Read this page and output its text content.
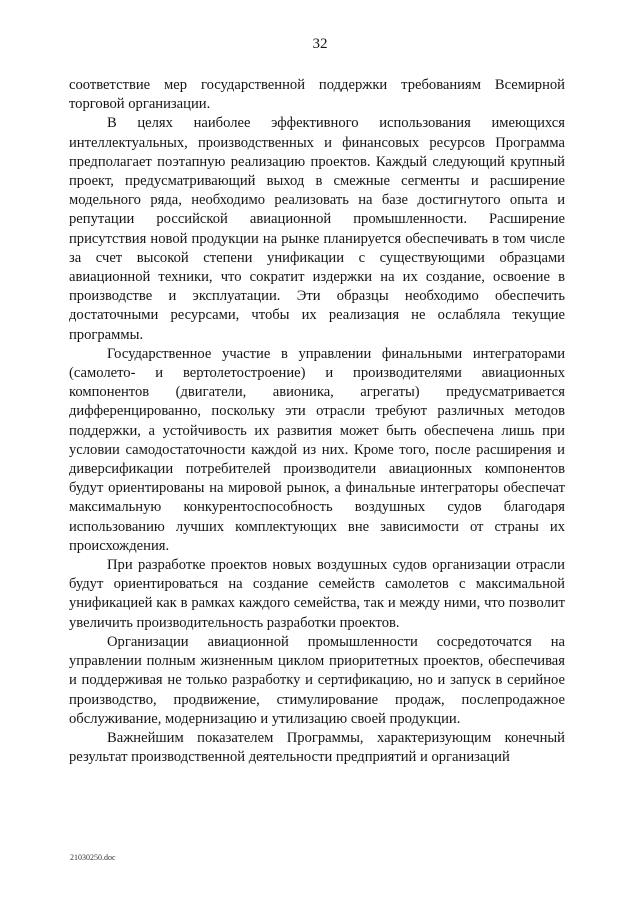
32

соответствие мер государственной поддержки требованиям Всемирной торговой организации.

В целях наиболее эффективного использования имеющихся интеллектуальных, производственных и финансовых ресурсов Программа предполагает поэтапную реализацию проектов. Каждый следующий крупный проект, предусматривающий выход в смежные сегменты и расширение модельного ряда, необходимо реализовать на базе достигнутого опыта и репутации российской авиационной промышленности. Расширение присутствия новой продукции на рынке планируется обеспечивать в том числе за счет высокой степени унификации с существующими образцами авиационной техники, что сократит издержки на их создание, освоение в производстве и эксплуатации. Эти образцы необходимо обеспечить достаточными ресурсами, чтобы их реализация не ослабляла текущие программы.

Государственное участие в управлении финальными интеграторами (самолето- и вертолетостроение) и производителями авиационных компонентов (двигатели, авионика, агрегаты) предусматривается дифференцированно, поскольку эти отрасли требуют различных методов поддержки, а устойчивость их развития может быть обеспечена лишь при условии самодостаточности каждой из них. Кроме того, после расширения и диверсификации потребителей производители авиационных компонентов будут ориентированы на мировой рынок, а финальные интеграторы обеспечат максимальную конкурентоспособность воздушных судов благодаря использованию лучших комплектующих вне зависимости от страны их происхождения.

При разработке проектов новых воздушных судов организации отрасли будут ориентироваться на создание семейств самолетов с максимальной унификацией как в рамках каждого семейства, так и между ними, что позволит увеличить производительность разработки проектов.

Организации авиационной промышленности сосредоточатся на управлении полным жизненным циклом приоритетных проектов, обеспечивая и поддерживая не только разработку и сертификацию, но и запуск в серийное производство, продвижение, стимулирование продаж, послепродажное обслуживание, модернизацию и утилизацию своей продукции.

Важнейшим показателем Программы, характеризующим конечный результат производственной деятельности предприятий и организаций

21030250.doc
